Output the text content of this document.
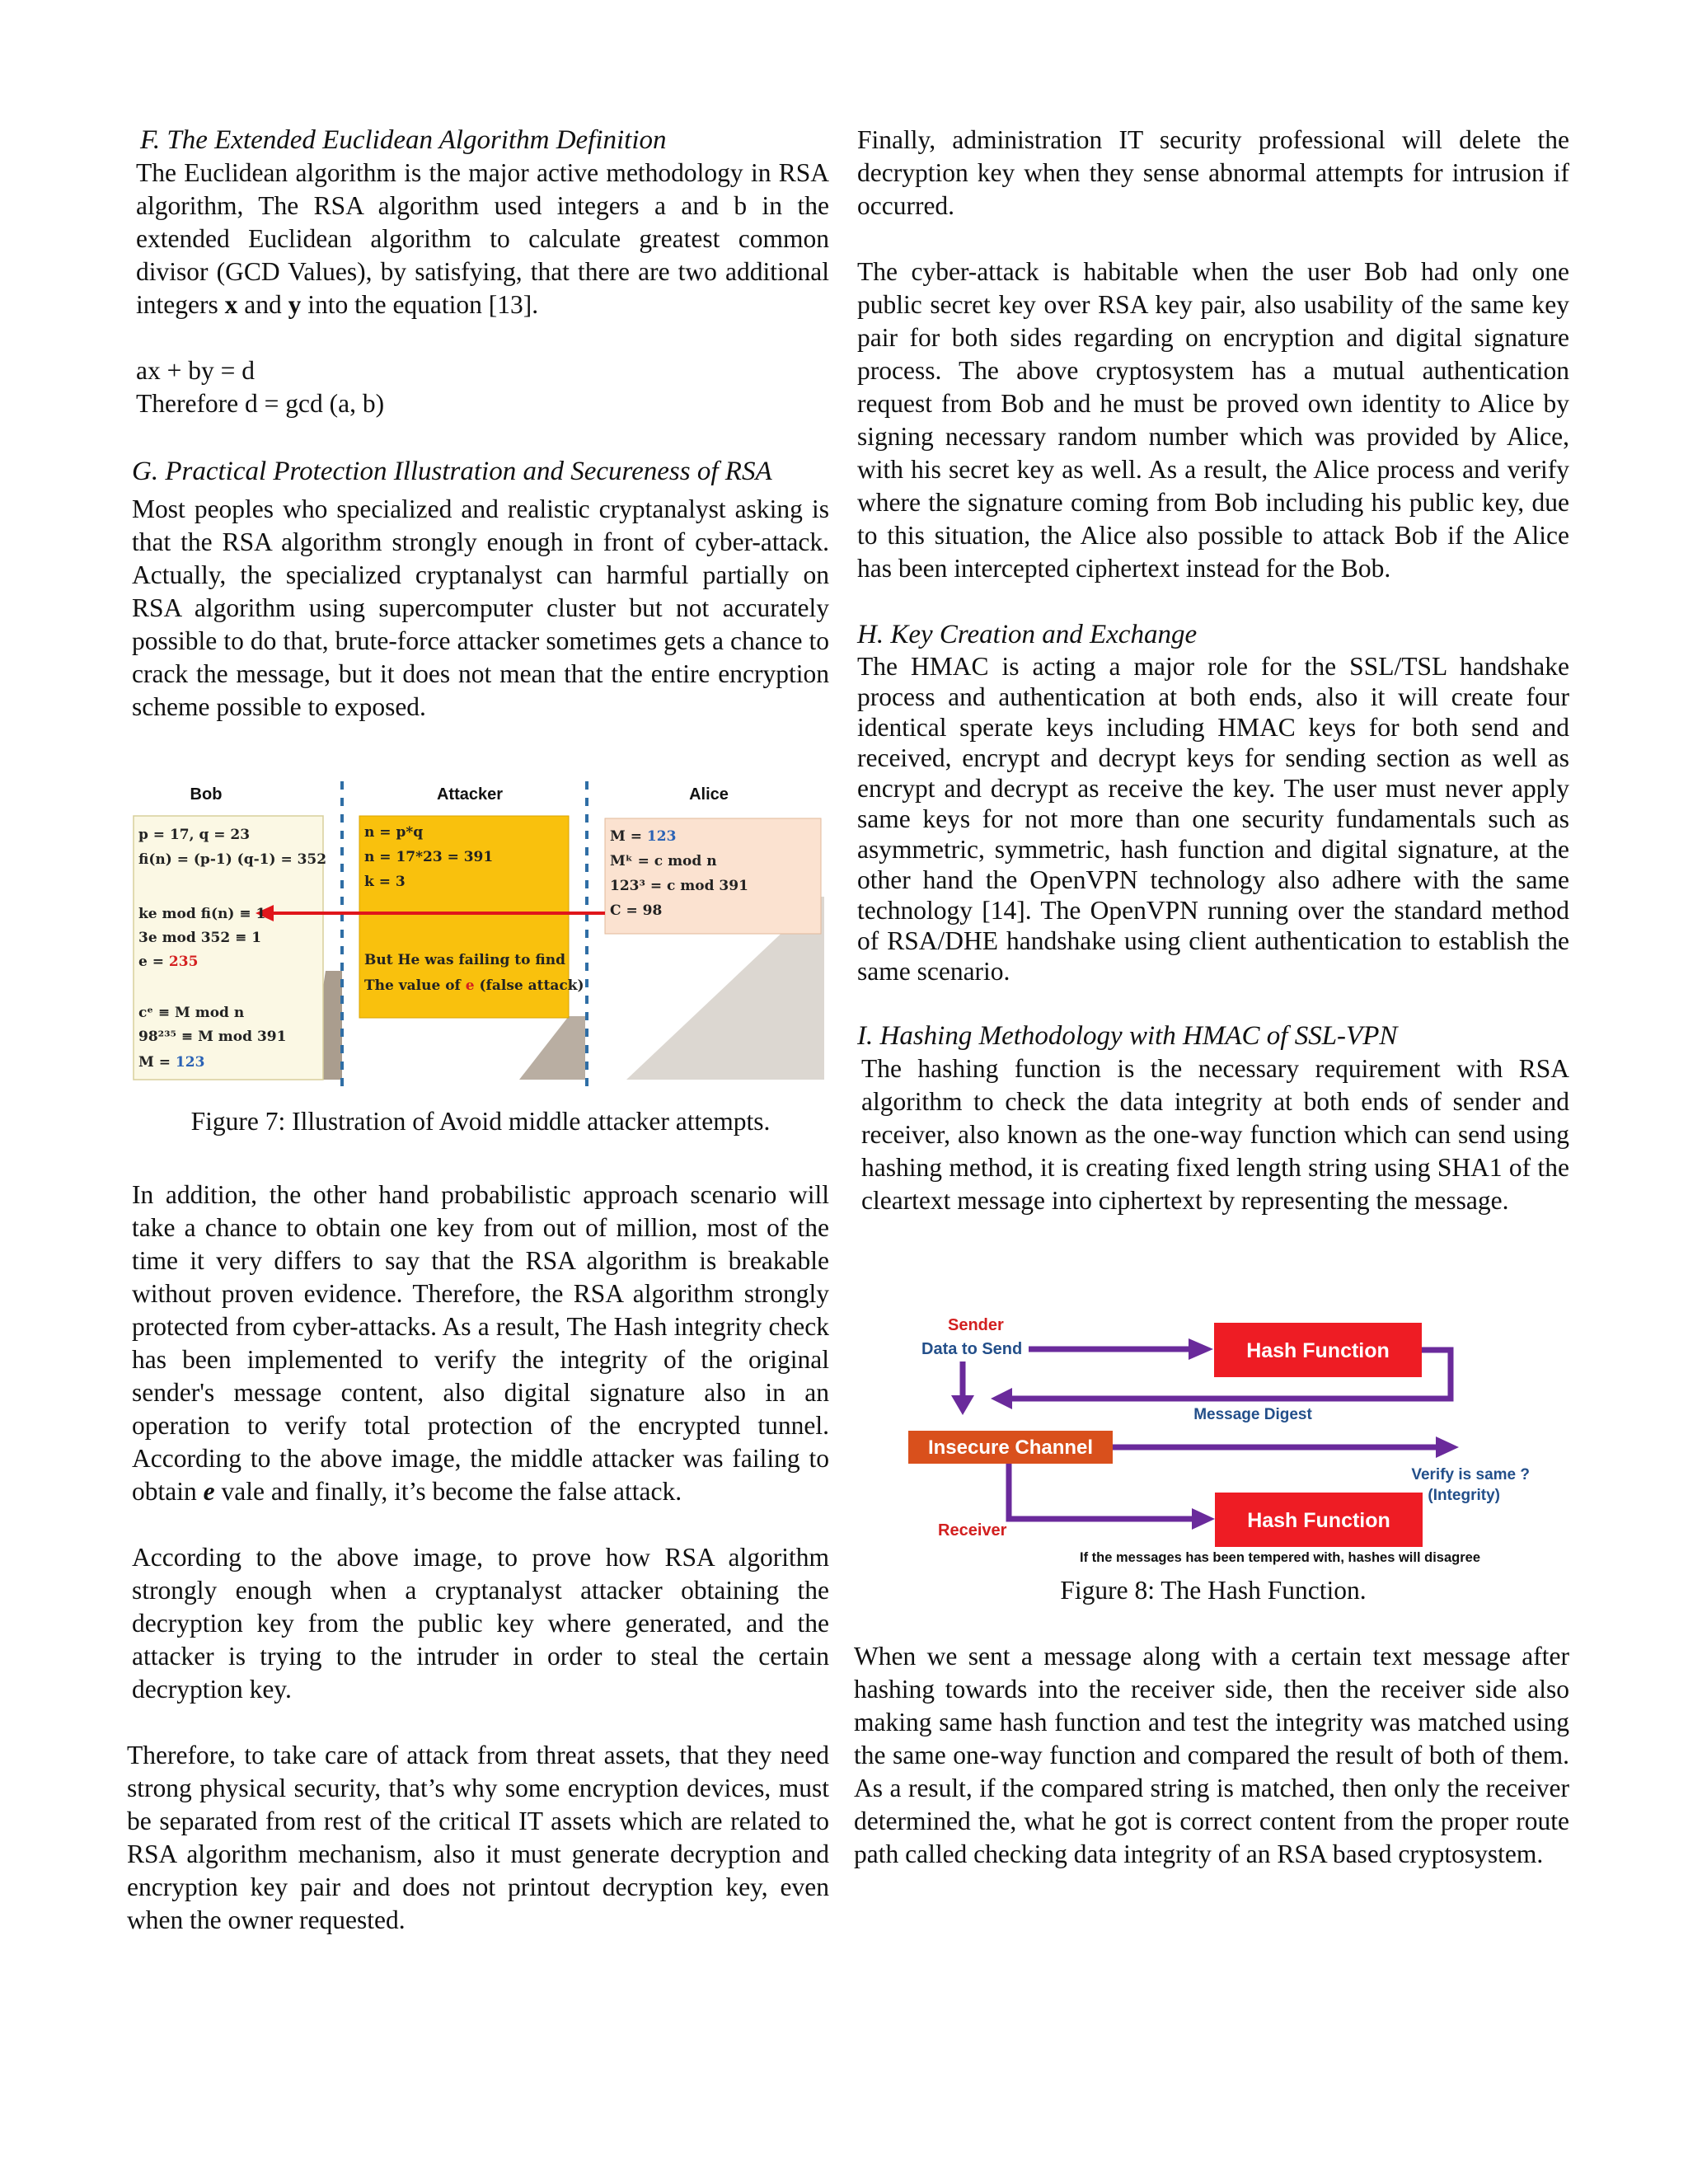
F. The Extended Euclidean Algorithm Definition

The Euclidean algorithm is the major active methodology in RSA algorithm, The RSA algorithm used integers a and b in the extended Euclidean algorithm to calculate greatest common divisor (GCD Values), by satisfying, that there are two additional integers x and y into the equation [13].

ax + by = d

Therefore d = gcd (a, b)

G. Practical Protection Illustration and Secureness of RSA

Most peoples who specialized and realistic cryptanalyst asking is that the RSA algorithm strongly enough in front of cyber-attack. Actually, the specialized cryptanalyst can harmful partially on RSA algorithm using supercomputer cluster but not accurately possible to do that, brute-force attacker sometimes gets a chance to crack the message, but it does not mean that the entire encryption scheme possible to exposed.

Bob	Attacker	Alice
p = 17, q = 23
fi(n) = (p-1) (q-1) = 352
ke mod fi(n) ≡ 1
3e mod 352 ≡ 1
e = 235
cᵉ ≡ M mod n
98²³⁵ ≡ M mod 391
M = 123
n = p*q
n = 17*23 = 391
k = 3
But He was failing to find
The value of e (false attack)
M = 123
Mᵏ = c mod n
123³ = c mod 391
C = 98

Figure 7: Illustration of Avoid middle attacker attempts.

In addition, the other hand probabilistic approach scenario will take a chance to obtain one key from out of million, most of the time it very differs to say that the RSA algorithm is breakable without proven evidence. Therefore, the RSA algorithm strongly protected from cyber-attacks. As a result, The Hash integrity check has been implemented to verify the integrity of the original sender's message content, also digital signature also in an operation to verify total protection of the encrypted tunnel. According to the above image, the middle attacker was failing to obtain e vale and finally, it’s become the false attack.

According to the above image, to prove how RSA algorithm strongly enough when a cryptanalyst attacker obtaining the decryption key from the public key where generated, and the attacker is trying to the intruder in order to steal the certain decryption key.

Therefore, to take care of attack from threat assets, that they need strong physical security, that’s why some encryption devices, must be separated from rest of the critical IT assets which are related to RSA algorithm mechanism, also it must generate decryption and encryption key pair and does not printout decryption key, even when the owner requested.

Finally, administration IT security professional will delete the decryption key when they sense abnormal attempts for intrusion if occurred.

The cyber-attack is habitable when the user Bob had only one public secret key over RSA key pair, also usability of the same key pair for both sides regarding on encryption and digital signature process. The above cryptosystem has a mutual authentication request from Bob and he must be proved own identity to Alice by signing necessary random number which was provided by Alice, with his secret key as well. As a result, the Alice process and verify where the signature coming from Bob including his public key, due to this situation, the Alice also possible to attack Bob if the Alice has been intercepted ciphertext instead for the Bob.

H. Key Creation and Exchange

The HMAC is acting a major role for the SSL/TSL handshake process and authentication at both ends, also it will create four identical sperate keys including HMAC keys for both send and received, encrypt and decrypt keys for sending section as well as encrypt and decrypt as receive the key. The user must never apply same keys for not more than one security fundamentals such as asymmetric, symmetric, hash function and digital signature, at the other hand the OpenVPN technology also adhere with the same technology [14]. The OpenVPN running over the standard method of RSA/DHE handshake using client authentication to establish the same scenario.

I. Hashing Methodology with HMAC of SSL-VPN

The hashing function is the necessary requirement with RSA algorithm to check the data integrity at both ends of sender and receiver, also known as the one-way function which can send using hashing method, it is creating fixed length string using SHA1 of the cleartext message into ciphertext by representing the message.

Sender
Data to Send	Hash Function
Message Digest
Insecure Channel
Verify is same ?
(Integrity)
Receiver	Hash Function
If the messages has been tempered with, hashes will disagree

Figure 8: The Hash Function.

When we sent a message along with a certain text message after hashing towards into the receiver side, then the receiver side also making same hash function and test the integrity was matched using the same one-way function and compared the result of both of them. As a result, if the compared string is matched, then only the receiver determined the, what he got is correct content from the proper route path called checking data integrity of an RSA based cryptosystem.
